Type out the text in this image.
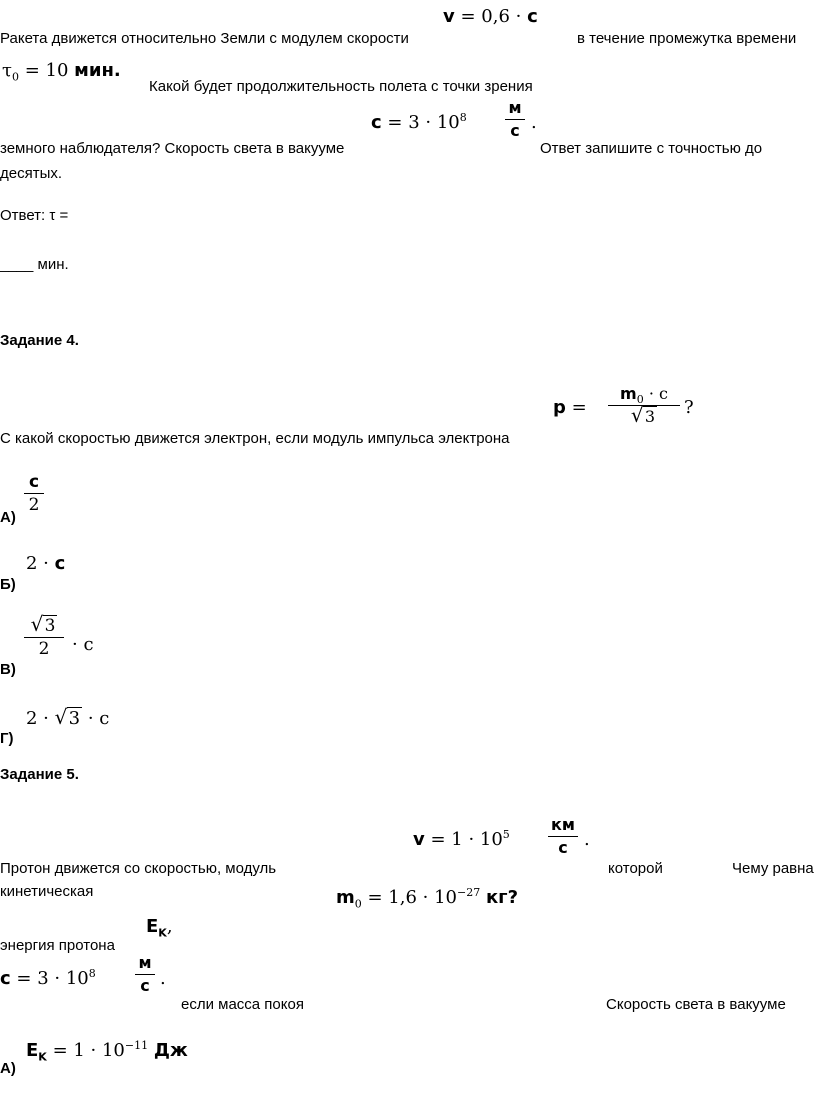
Ракета движется относительно Земли с модулем скорости
v = 0,6 · c
в течение промежутка времени
$\tau_0 = 10$ мин.
Какой будет продолжительность полета с точки зрения
$c = 3 \cdot 10^8$
м
с .
земного наблюдателя? Скорость света в вакууме	Ответ запишите с точностью до
десятых.
Ответ: τ =
____ мин.
Задание 4.
p =
$m_0 \cdot c$
√ 3	?
С какой скоростью движется электрон, если модуль импульса электрона
А)
c
2
Б)
2 · c
В)
√ 3
2	· c
Г)
2 · √ 3 · c
Задание 5.
$v = 1 \cdot 10^5$
км
с .
Протон движется со скоростью, модуль	которой	Чему равна
кинетическая	$m_0 = 1,6 \cdot 10^{-27}$ кг?
$E_K$,
энергия протона
$c = 3 \cdot 10^8$
м
с .
если масса покоя	Скорость света в вакууме
А)
$E_K = 1 \cdot 10^{-11}$ Дж
